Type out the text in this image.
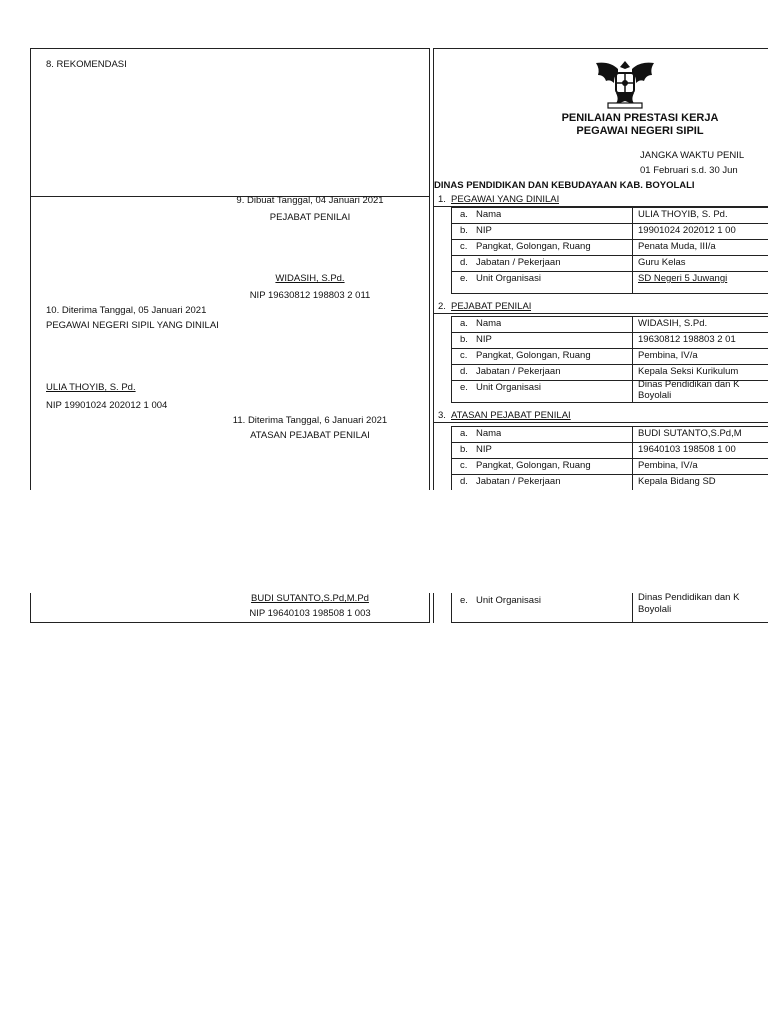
8. REKOMENDASI
9. Dibuat Tanggal, 04 Januari 2021
PEJABAT PENILAI
WIDASIH, S.Pd.
NIP 19630812 198803 2 011
10. Diterima Tanggal, 05 Januari 2021
PEGAWAI NEGERI SIPIL YANG DINILAI
ULIA THOYIB, S. Pd.
NIP 19901024 202012 1 004
11. Diterima Tanggal, 6 Januari 2021
ATASAN PEJABAT PENILAI
BUDI SUTANTO,S.Pd,M.Pd
NIP 19640103 198508 1 003
PENILAIAN PRESTASI KERJA
PEGAWAI NEGERI SIPIL
JANGKA WAKTU PENIL
01 Februari s.d. 30 Jun
DINAS PENDIDIKAN DAN KEBUDAYAAN KAB. BOYOLALI
1. PEGAWAI YANG DINILAI
a. Nama	ULIA THOYIB, S. Pd.
b. NIP	19901024 202012 1 00
c. Pangkat, Golongan, Ruang	Penata Muda, III/a
d. Jabatan / Pekerjaan	Guru Kelas
e. Unit Organisasi	SD Negeri 5 Juwangi
2. PEJABAT PENILAI
a. Nama	WIDASIH, S.Pd.
b. NIP	19630812 198803 2 01
c. Pangkat, Golongan, Ruang	Pembina, IV/a
d. Jabatan / Pekerjaan	Kepala Seksi Kurikulum
e. Unit Organisasi	Dinas Pendidikan dan K
Boyolali
3. ATASAN PEJABAT PENILAI
a. Nama	BUDI SUTANTO,S.Pd,M
b. NIP	19640103 198508 1 00
c. Pangkat, Golongan, Ruang	Pembina, IV/a
d. Jabatan / Pekerjaan	Kepala Bidang SD
e. Unit Organisasi	Dinas Pendidikan dan K
Boyolali
